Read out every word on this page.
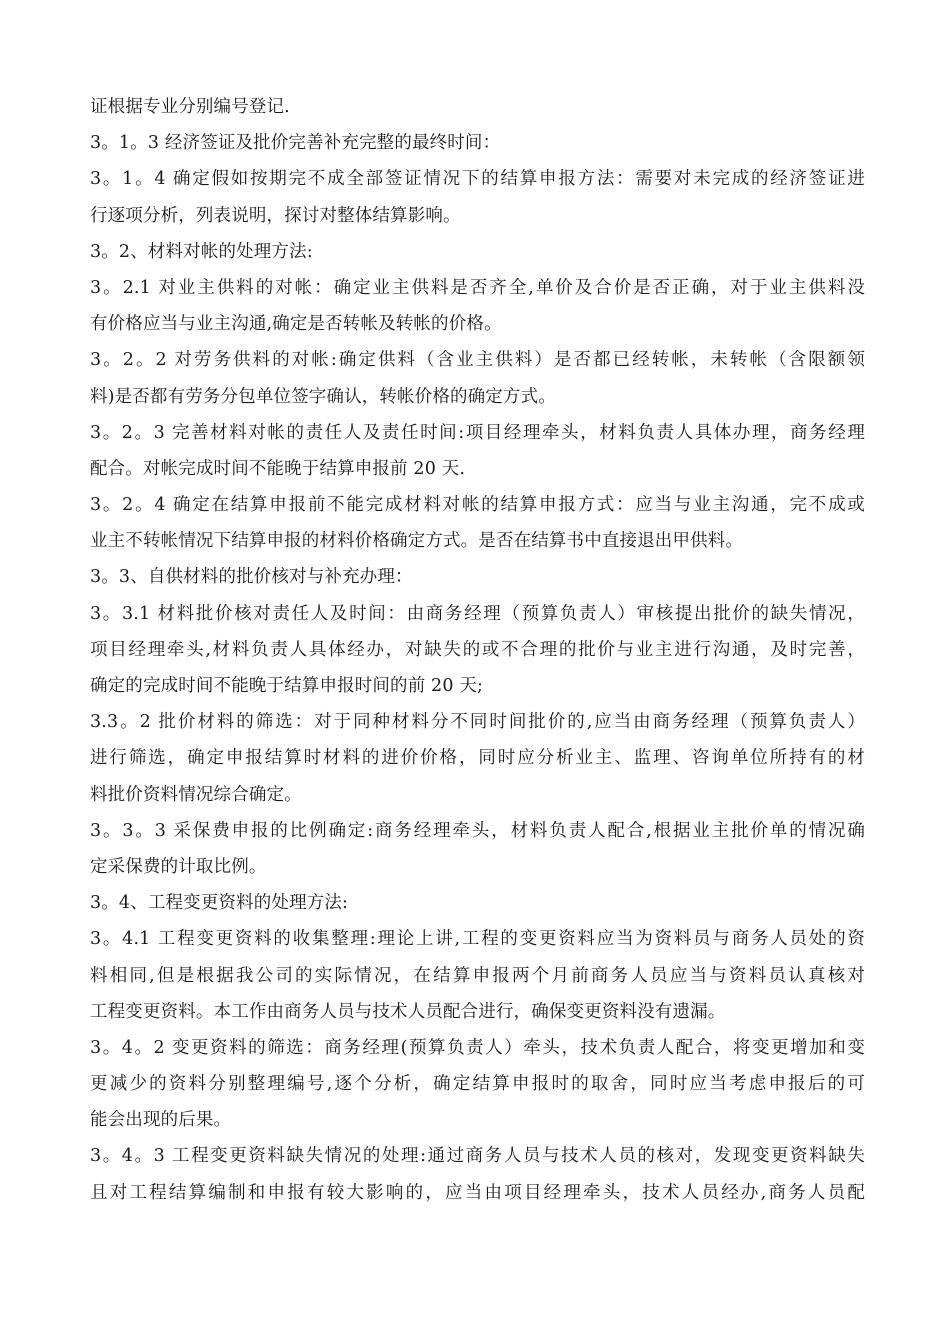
证根据专业分别编号登记.
3。1。3 经济签证及批价完善补充完整的最终时间：
3。1。4 确定假如按期完不成全部签证情况下的结算申报方法：需要对未完成的经济签证进
行逐项分析，列表说明，探讨对整体结算影响。
3。2、材料对帐的处理方法:
3。2.1 对业主供料的对帐：确定业主供料是否齐全,单价及合价是否正确，对于业主供料没
有价格应当与业主沟通,确定是否转帐及转帐的价格。
3。2。2 对劳务供料的对帐:确定供料（含业主供料）是否都已经转帐，未转帐（含限额领
料)是否都有劳务分包单位签字确认，转帐价格的确定方式。
3。2。3 完善材料对帐的责任人及责任时间:项目经理牵头，材料负责人具体办理，商务经理
配合。对帐完成时间不能晚于结算申报前 20 天.
3。2。4 确定在结算申报前不能完成材料对帐的结算申报方式：应当与业主沟通，完不成或
业主不转帐情况下结算申报的材料价格确定方式。是否在结算书中直接退出甲供料。
3。3、自供材料的批价核对与补充办理：
3。3.1 材料批价核对责任人及时间：由商务经理（预算负责人）审核提出批价的缺失情况，
项目经理牵头,材料负责人具体经办，对缺失的或不合理的批价与业主进行沟通，及时完善，
确定的完成时间不能晚于结算申报时间的前 20 天;
3.3。2 批价材料的筛选：对于同种材料分不同时间批价的,应当由商务经理（预算负责人）
进行筛选，确定申报结算时材料的进价价格，同时应分析业主、监理、咨询单位所持有的材
料批价资料情况综合确定。
3。3。3 采保费申报的比例确定:商务经理牵头，材料负责人配合,根据业主批价单的情况确
定采保费的计取比例。
3。4、工程变更资料的处理方法:
3。4.1 工程变更资料的收集整理:理论上讲,工程的变更资料应当为资料员与商务人员处的资
料相同,但是根据我公司的实际情况，在结算申报两个月前商务人员应当与资料员认真核对
工程变更资料。本工作由商务人员与技术人员配合进行，确保变更资料没有遗漏。
3。4。2 变更资料的筛选：商务经理(预算负责人）牵头，技术负责人配合，将变更增加和变
更减少的资料分别整理编号,逐个分析，确定结算申报时的取舍，同时应当考虑申报后的可
能会出现的后果。
3。4。3 工程变更资料缺失情况的处理:通过商务人员与技术人员的核对，发现变更资料缺失
且对工程结算编制和申报有较大影响的，应当由项目经理牵头，技术人员经办,商务人员配
